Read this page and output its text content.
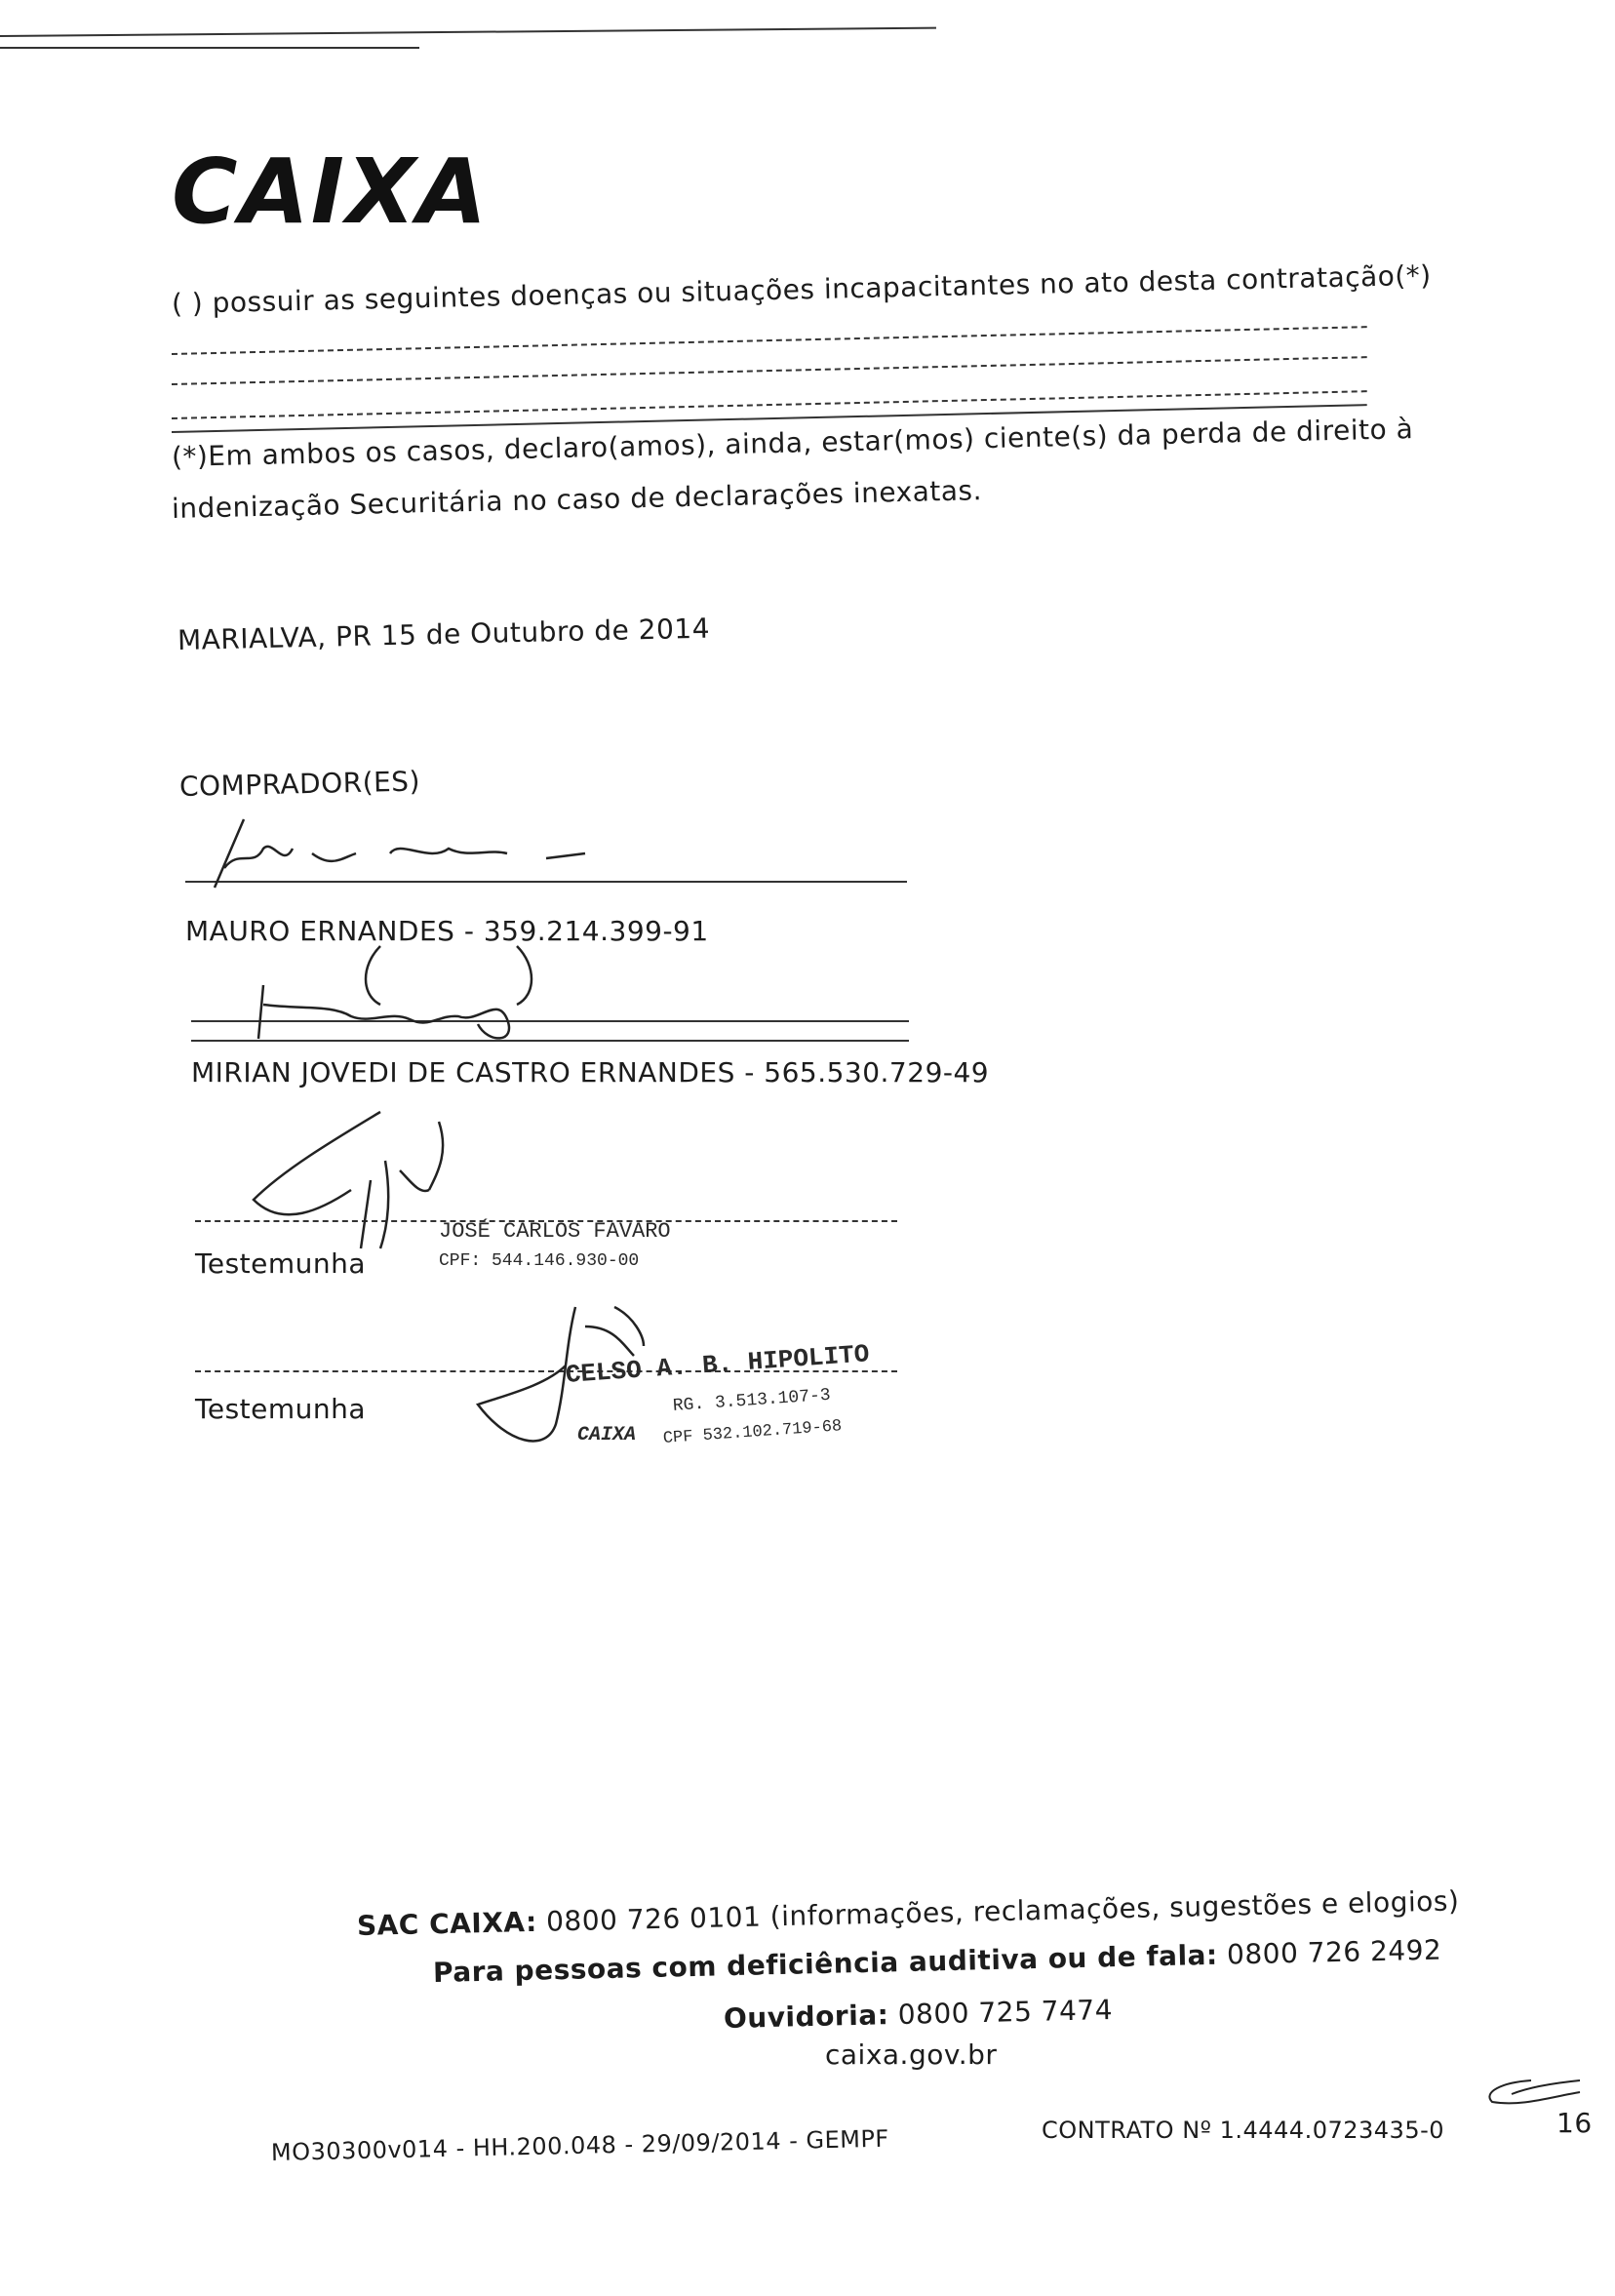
CAIXA
( ) possuir as seguintes doenças ou situações incapacitantes no ato desta contratação(*)
(*)Em ambos os casos, declaro(amos), ainda, estar(mos) ciente(s) da perda de direito à
indenização Securitária no caso de declarações inexatas.
MARIALVA, PR 15 de Outubro de 2014
COMPRADOR(ES)
MAURO ERNANDES - 359.214.399-91
MIRIAN JOVEDI DE CASTRO ERNANDES - 565.530.729-49
Testemunha
JOSÉ CARLOS FAVARO
CPF: 544.146.930-00
Testemunha
CELSO A. B. HIPOLITO
CAIXA
RG. 3.513.107-3
CPF 532.102.719-68
SAC CAIXA: 0800 726 0101 (informações, reclamações, sugestões e elogios)
Para pessoas com deficiência auditiva ou de fala: 0800 726 2492
Ouvidoria: 0800 725 7474
caixa.gov.br
MO30300v014 - HH.200.048 - 29/09/2014 - GEMPF	CONTRATO Nº 1.4444.0723435-0	16
